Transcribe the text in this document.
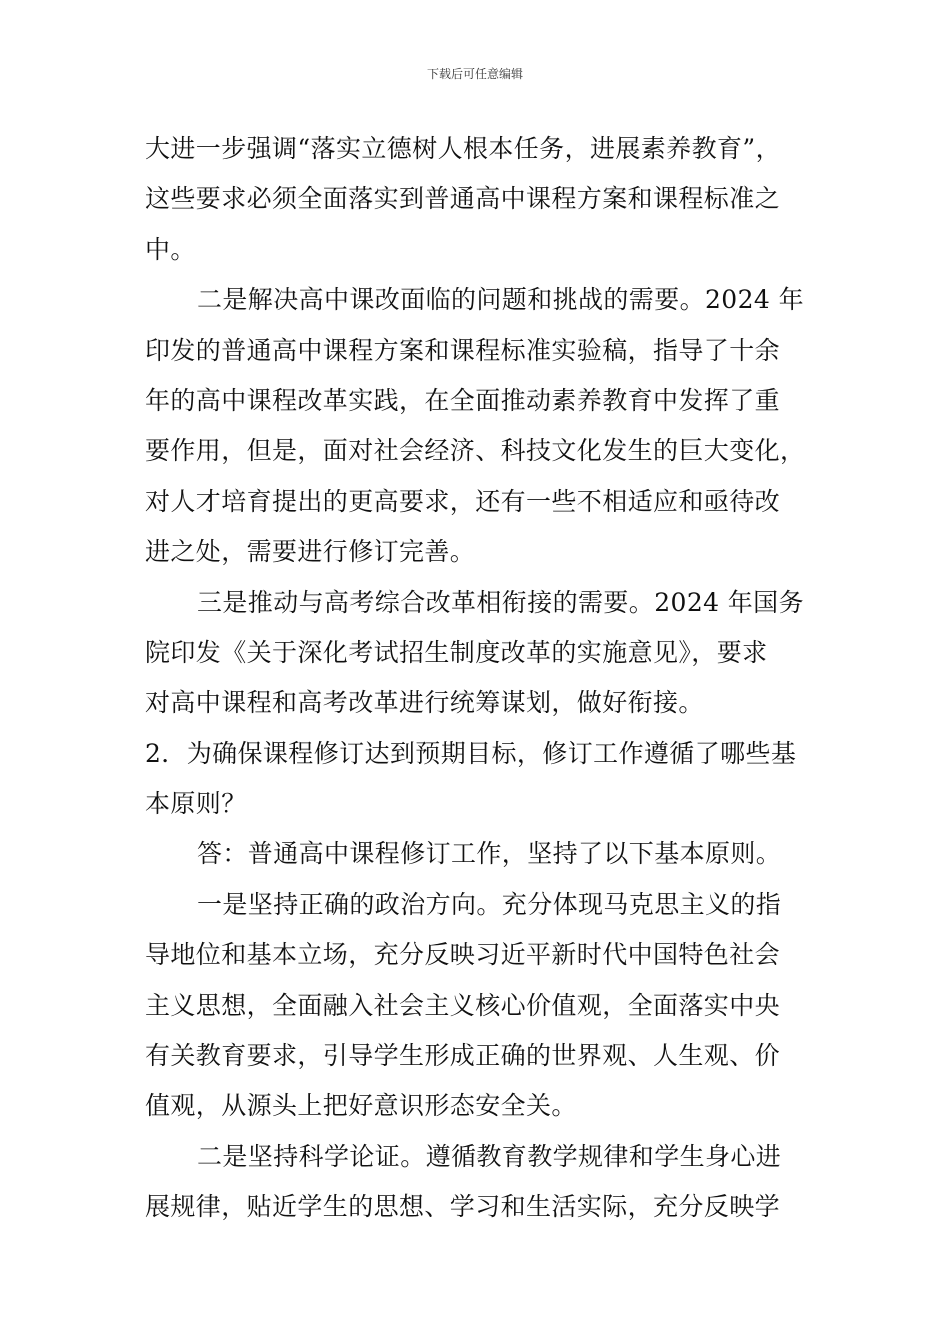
下载后可任意编辑
大进一步强调“落实立德树人根本任务，进展素养教育”，
这些要求必须全面落实到普通高中课程方案和课程标准之
中。
二是解决高中课改面临的问题和挑战的需要。2024 年
印发的普通高中课程方案和课程标准实验稿，指导了十余
年的高中课程改革实践，在全面推动素养教育中发挥了重
要作用，但是，面对社会经济、科技文化发生的巨大变化，
对人才培育提出的更高要求，还有一些不相适应和亟待改
进之处，需要进行修订完善。
三是推动与高考综合改革相衔接的需要。2024 年国务
院印发《关于深化考试招生制度改革的实施意见》，要求
对高中课程和高考改革进行统筹谋划，做好衔接。
2．为确保课程修订达到预期目标，修订工作遵循了哪些基
本原则？
答：普通高中课程修订工作，坚持了以下基本原则。
一是坚持正确的政治方向。充分体现马克思主义的指
导地位和基本立场，充分反映习近平新时代中国特色社会
主义思想，全面融入社会主义核心价值观，全面落实中央
有关教育要求，引导学生形成正确的世界观、人生观、价
值观，从源头上把好意识形态安全关。
二是坚持科学论证。遵循教育教学规律和学生身心进
展规律，贴近学生的思想、学习和生活实际，充分反映学
